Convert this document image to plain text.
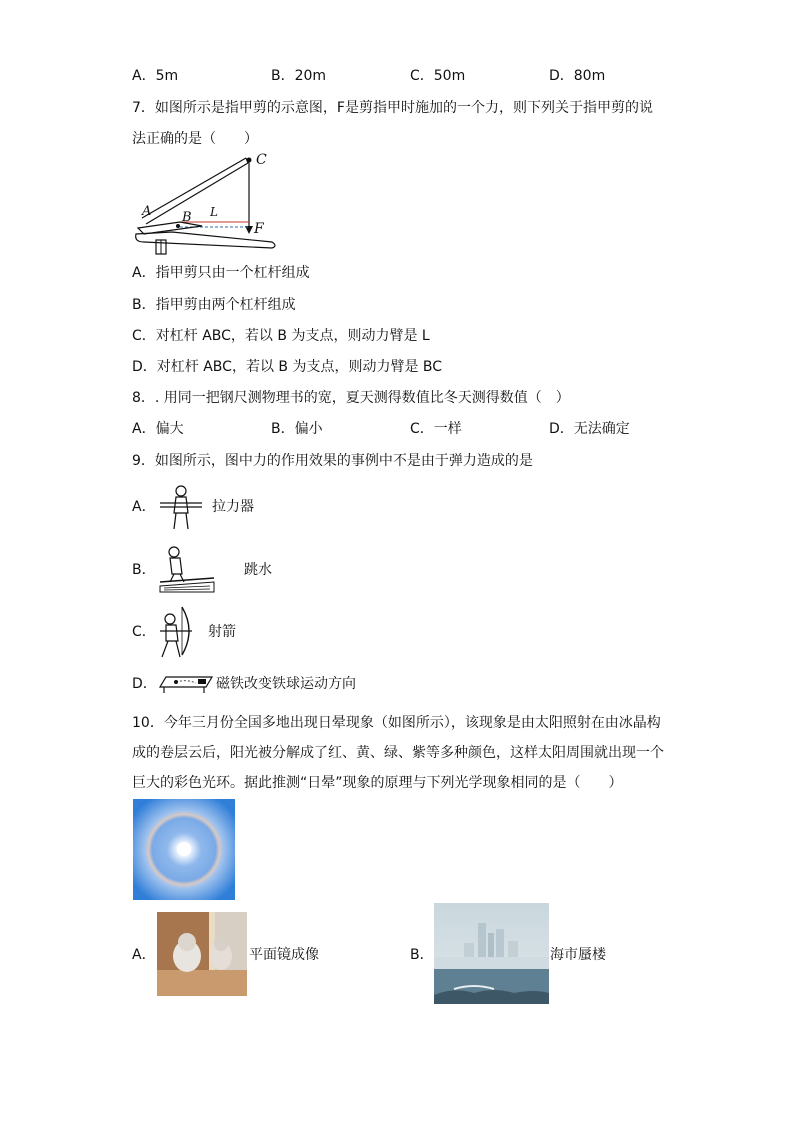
A．5m	B．20m	C．50m	D．80m
7．如图所示是指甲剪的示意图，F是剪指甲时施加的一个力，则下列关于指甲剪的说
法正确的是（　　）
C
A B L
F
A．指甲剪只由一个杠杆组成
B．指甲剪由两个杠杆组成
C．对杠杆 ABC，若以 B 为支点，则动力臂是 L
D．对杠杆 ABC，若以 B 为支点，则动力臂是 BC
8．. 用同一把钢尺测物理书的宽，夏天测得数值比冬天测得数值（　）
A．偏大	B．偏小	C．一样	D．无法确定
9．如图所示，图中力的作用效果的事例中不是由于弹力造成的是
A．	拉力器
B．	跳水
C．	射箭
D．	磁铁改变铁球运动方向
10．今年三月份全国多地出现日晕现象（如图所示），该现象是由太阳照射在由冰晶构
成的卷层云后，阳光被分解成了红、黄、绿、紫等多种颜色，这样太阳周围就出现一个
巨大的彩色光环。据此推测“日晕”现象的原理与下列光学现象相同的是（　　）
A．	平面镜成像	B．	海市蜃楼
